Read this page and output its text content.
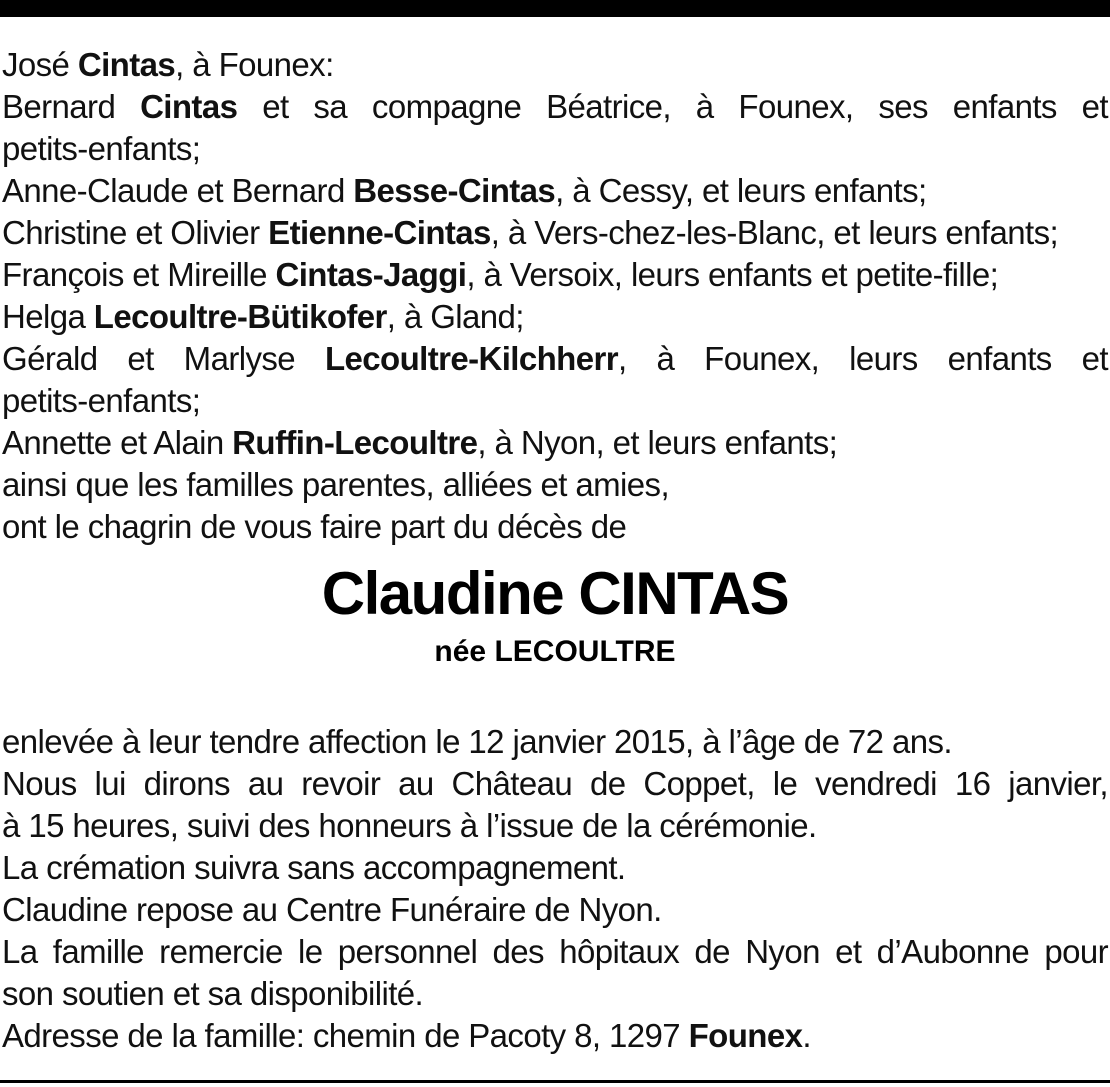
José Cintas, à Founex:
Bernard Cintas et sa compagne Béatrice, à Founex, ses enfants et
petits-enfants;
Anne-Claude et Bernard Besse-Cintas, à Cessy, et leurs enfants;
Christine et Olivier Etienne-Cintas, à Vers-chez-les-Blanc, et leurs enfants;
François et Mireille Cintas-Jaggi, à Versoix, leurs enfants et petite-fille;
Helga Lecoultre-Bütikofer, à Gland;
Gérald et Marlyse Lecoultre-Kilchherr, à Founex, leurs enfants et
petits-enfants;
Annette et Alain Ruffin-Lecoultre, à Nyon, et leurs enfants;
ainsi que les familles parentes, alliées et amies,
ont le chagrin de vous faire part du décès de
Claudine CINTAS
née LECOULTRE
enlevée à leur tendre affection le 12 janvier 2015, à l’âge de 72 ans.
Nous lui dirons au revoir au Château de Coppet, le vendredi 16 janvier,
à 15 heures, suivi des honneurs à l’issue de la cérémonie.
La crémation suivra sans accompagnement.
Claudine repose au Centre Funéraire de Nyon.
La famille remercie le personnel des hôpitaux de Nyon et d’Aubonne pour
son soutien et sa disponibilité.
Adresse de la famille: chemin de Pacoty 8, 1297 Founex.
